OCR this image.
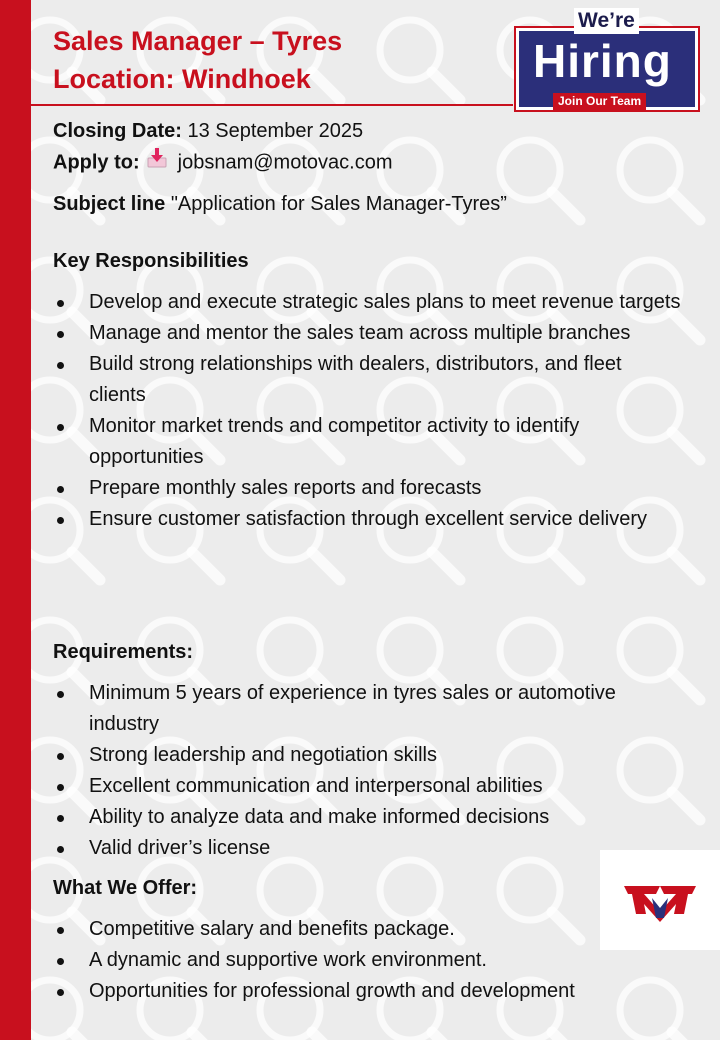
Sales Manager – Tyres
Location: Windhoek	Hiring
Join Our Team
We’re
Closing Date: 13 September 2025
Apply to: jobsnam@motovac.com
Subject line "Application for Sales Manager-Tyres”
Key Responsibilities
Develop and execute strategic sales plans to meet revenue targets
Manage and mentor the sales team across multiple branches
Build strong relationships with dealers, distributors, and fleet clients
Monitor market trends and competitor activity to identify opportunities
Prepare monthly sales reports and forecasts
Ensure customer satisfaction through excellent service delivery
Requirements:
Minimum 5 years of experience in tyres sales or automotive industry
Strong leadership and negotiation skills
Excellent communication and interpersonal abilities
Ability to analyze data and make informed decisions
Valid driver’s license
What We Offer:
Competitive salary and benefits package.
A dynamic and supportive work environment.
Opportunities for professional growth and development
